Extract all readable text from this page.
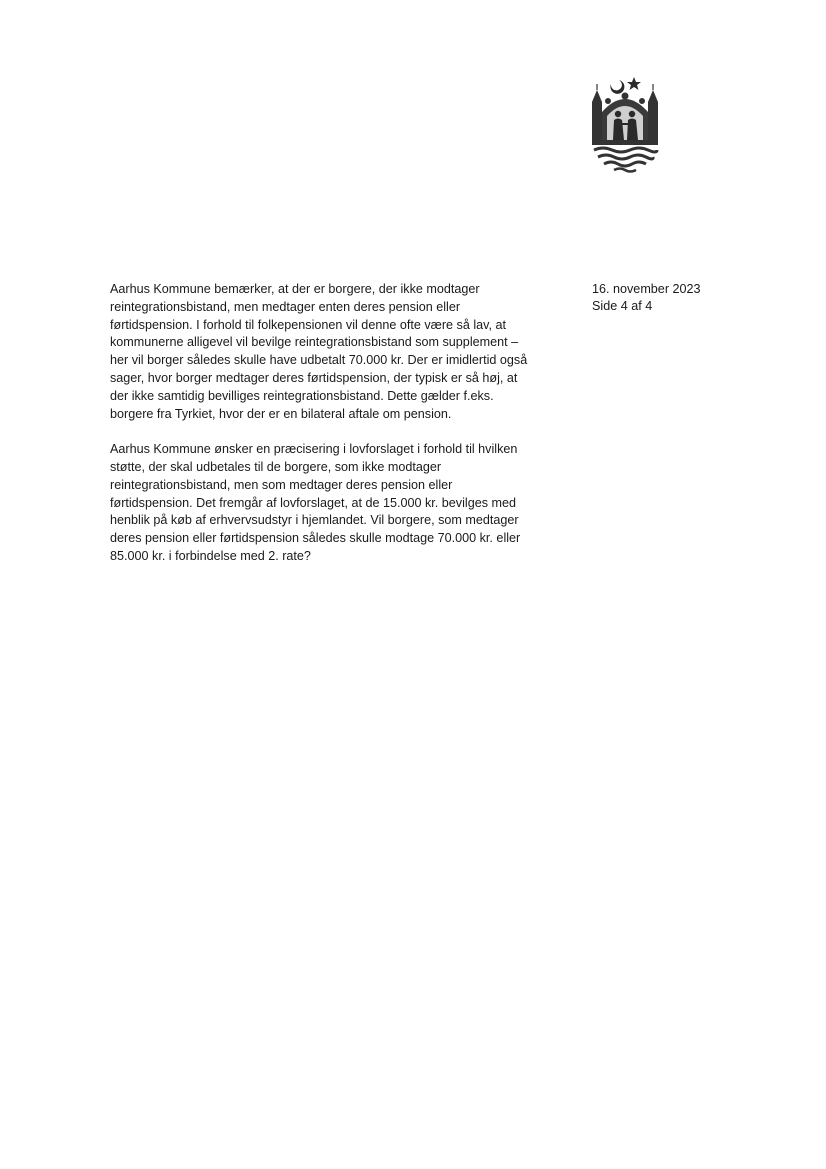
16. november 2023
Side 4 af 4

Aarhus Kommune bemærker, at der er borgere, der ikke modtager
reintegrationsbistand, men medtager enten deres pension eller
førtidspension. I forhold til folkepensionen vil denne ofte være så lav, at
kommunerne alligevel vil bevilge reintegrationsbistand som supplement –
her vil borger således skulle have udbetalt 70.000 kr. Der er imidlertid også
sager, hvor borger medtager deres førtidspension, der typisk er så høj, at
der ikke samtidig bevilliges reintegrationsbistand. Dette gælder f.eks.
borgere fra Tyrkiet, hvor der er en bilateral aftale om pension.

Aarhus Kommune ønsker en præcisering i lovforslaget i forhold til hvilken
støtte, der skal udbetales til de borgere, som ikke modtager
reintegrationsbistand, men som medtager deres pension eller
førtidspension. Det fremgår af lovforslaget, at de 15.000 kr. bevilges med
henblik på køb af erhvervsudstyr i hjemlandet. Vil borgere, som medtager
deres pension eller førtidspension således skulle modtage 70.000 kr. eller
85.000 kr. i forbindelse med 2. rate?
